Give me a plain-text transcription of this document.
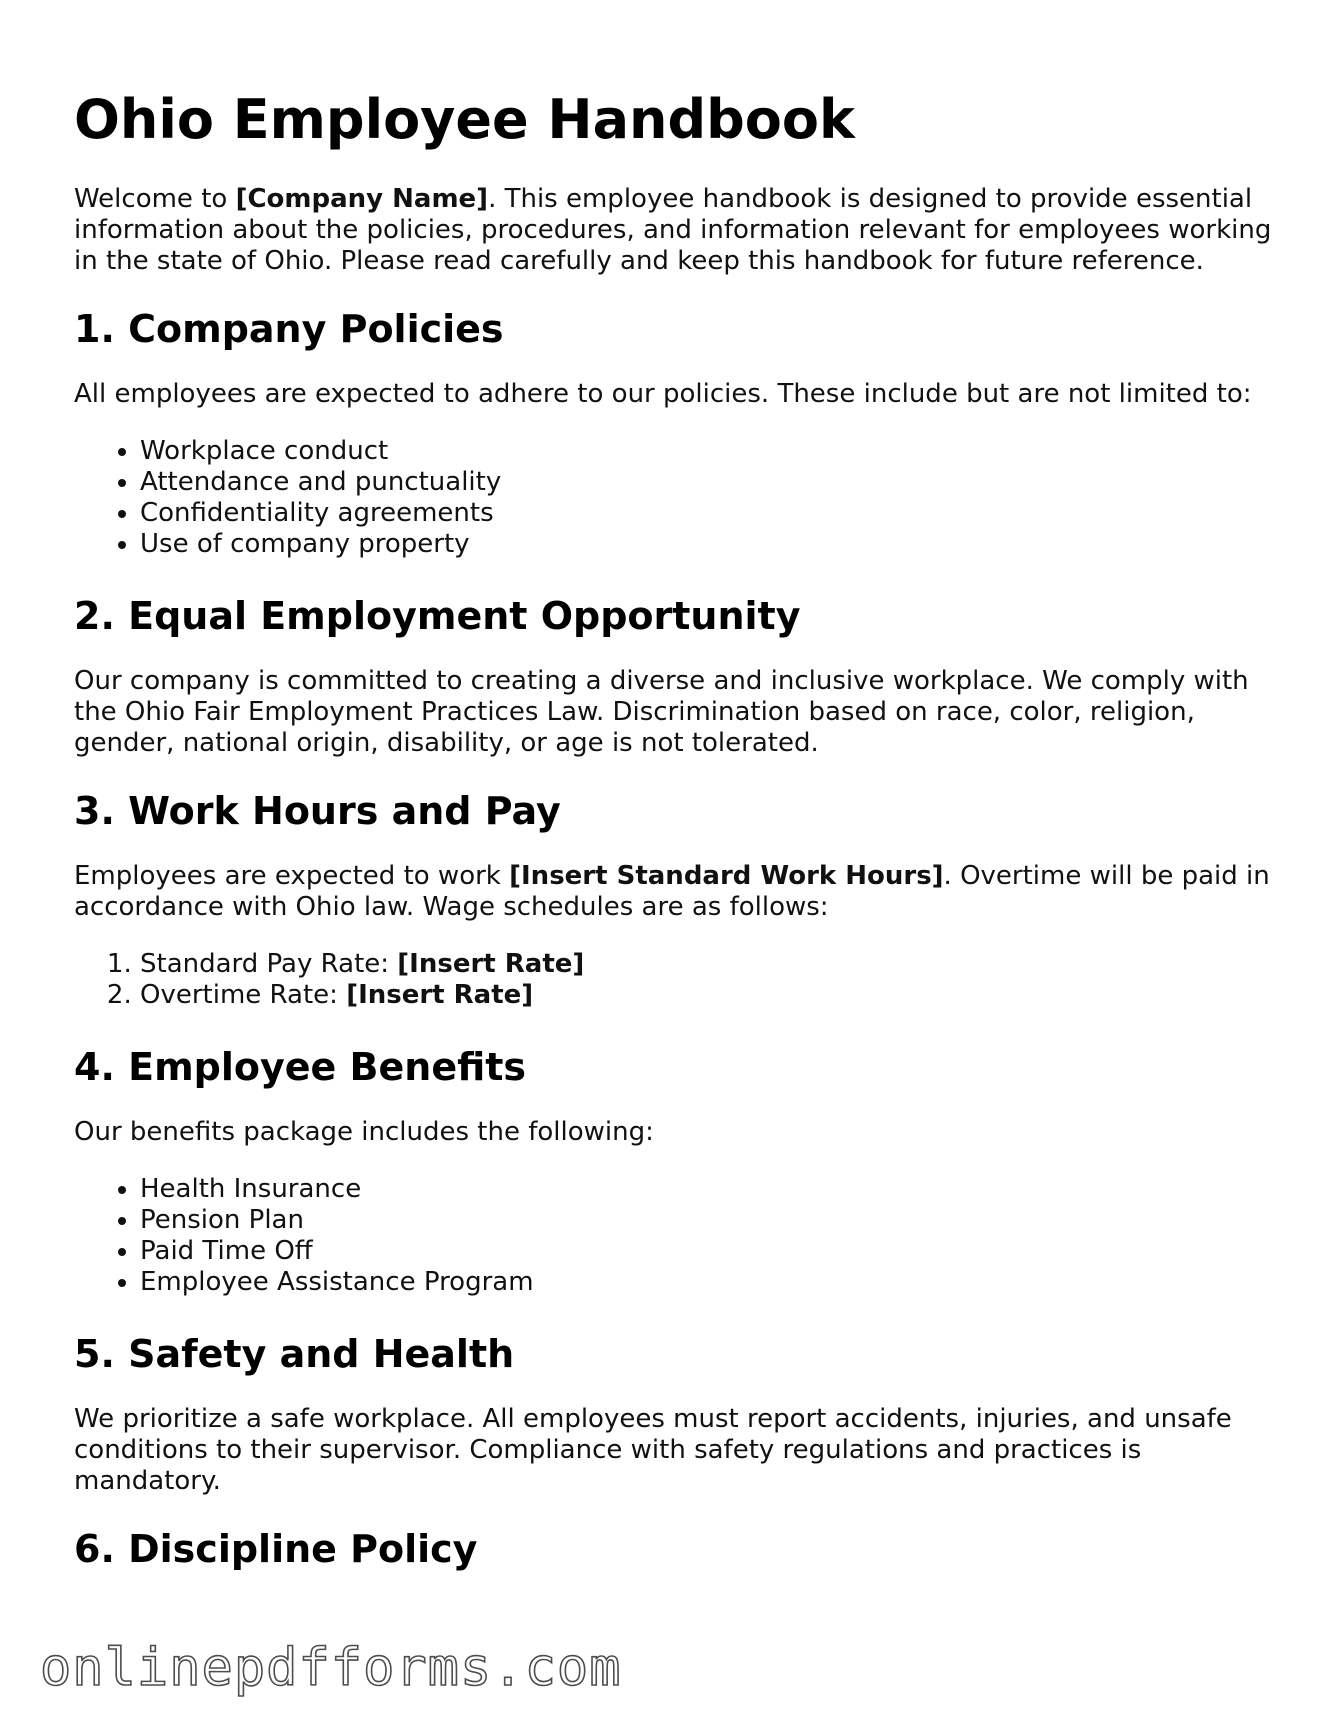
Ohio Employee Handbook

Welcome to [Company Name]. This employee handbook is designed to provide essential information about the policies, procedures, and information relevant for employees working in the state of Ohio. Please read carefully and keep this handbook for future reference.

1. Company Policies

All employees are expected to adhere to our policies. These include but are not limited to:

• Workplace conduct
• Attendance and punctuality
• Confidentiality agreements
• Use of company property
2. Equal Employment Opportunity

Our company is committed to creating a diverse and inclusive workplace. We comply with the Ohio Fair Employment Practices Law. Discrimination based on race, color, religion, gender, national origin, disability, or age is not tolerated.

3. Work Hours and Pay

Employees are expected to work [Insert Standard Work Hours]. Overtime will be paid in accordance with Ohio law. Wage schedules are as follows:

1. Standard Pay Rate: [Insert Rate]
2. Overtime Rate: [Insert Rate]
4. Employee Benefits

Our benefits package includes the following:

• Health Insurance
• Pension Plan
• Paid Time Off
• Employee Assistance Program
5. Safety and Health

We prioritize a safe workplace. All employees must report accidents, injuries, and unsafe conditions to their supervisor. Compliance with safety regulations and practices is mandatory.

6. Discipline Policy
onlinepdfforms.com
